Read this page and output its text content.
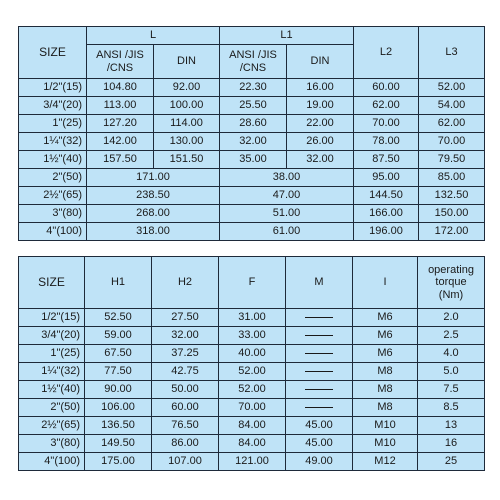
SIZE	L		L1		L2	L3
	ANSI /JIS /CNS	DIN	ANSI /JIS /CNS	DIN		
1/2"(15)	104.80	92.00	22.30	16.00	60.00	52.00
3/4"(20)	113.00	100.00	25.50	19.00	62.00	54.00
1"(25)	127.20	114.00	28.60	22.00	70.00	62.00
1¼"(32)	142.00	130.00	32.00	26.00	78.00	70.00
1½"(40)	157.50	151.50	35.00	32.00	87.50	79.50
2"(50)	171.00		38.00		95.00	85.00
2½"(65)	238.50		47.00		144.50	132.50
3"(80)	268.00		51.00		166.00	150.00
4"(100)	318.00		61.00		196.00	172.00
SIZE	H1	H2	F	M	I	operating torque (Nm)
1/2"(15)	52.50	27.50	31.00		M6	2.0
3/4"(20)	59.00	32.00	33.00		M6	2.5
1"(25)	67.50	37.25	40.00		M6	4.0
1¼"(32)	77.50	42.75	52.00		M8	5.0
1½"(40)	90.00	50.00	52.00		M8	7.5
2"(50)	106.00	60.00	70.00		M8	8.5
2½"(65)	136.50	76.50	84.00	45.00	M10	13
3"(80)	149.50	86.00	84.00	45.00	M10	16
4"(100)	175.00	107.00	121.00	49.00	M12	25
